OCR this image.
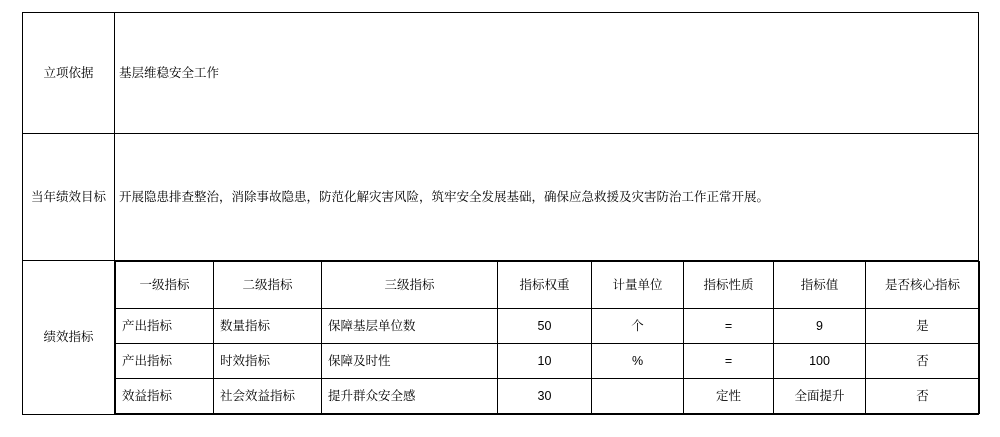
立项依据	基层维稳安全工作
当年绩效目标	开展隐患排查整治，消除事故隐患，防范化解灾害风险，筑牢安全发展基础，确保应急救援及灾害防治工作正常开展。
绩效指标	
一级指标	二级指标	三级指标	指标权重	计量单位	指标性质	指标值	是否核心指标
产出指标	数量指标	保障基层单位数	50	个	=	9	是
产出指标	时效指标	保障及时性	10	%	=	100	否
效益指标	社会效益指标	提升群众安全感	30		定性	全面提升	否
